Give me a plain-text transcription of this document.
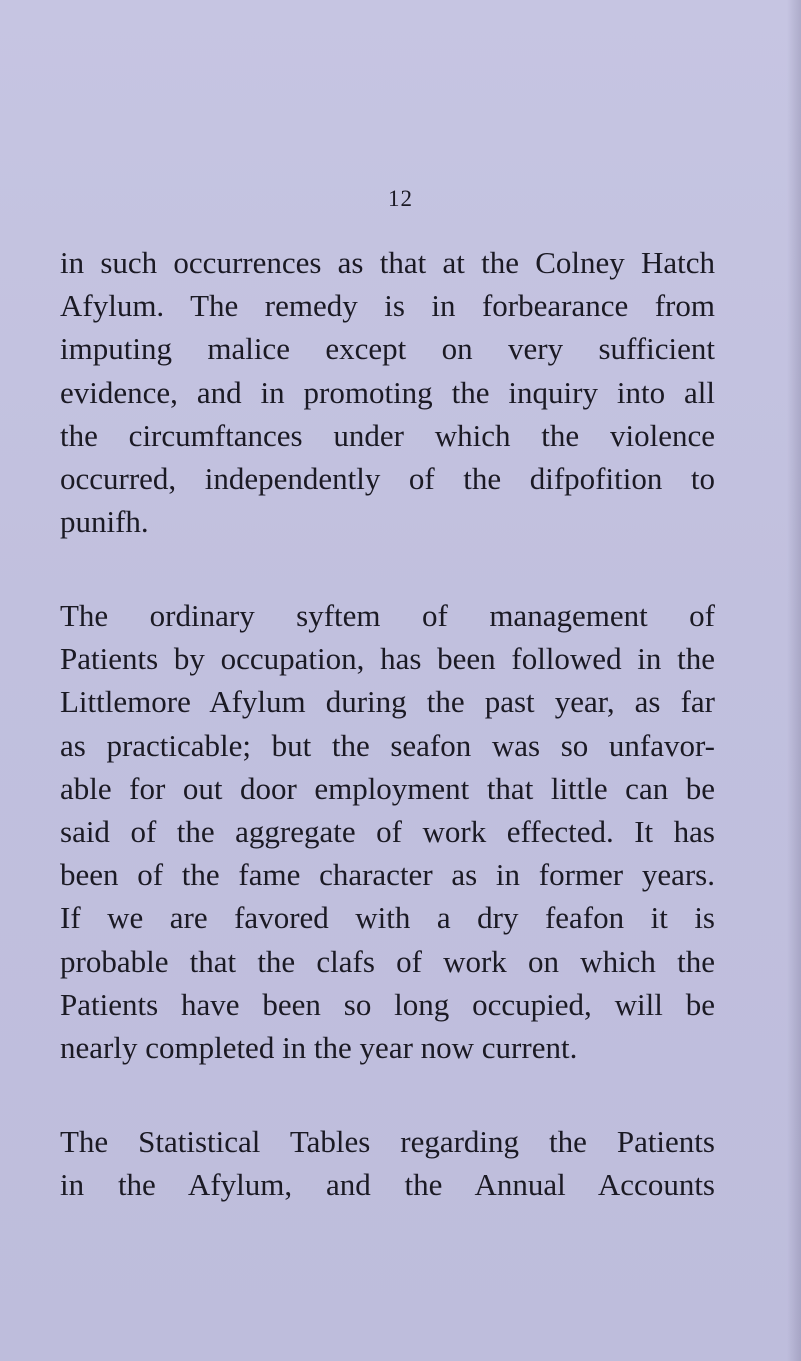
12
in such occurrences as that at the Colney Hatch
Afylum. The remedy is in forbearance from
imputing malice except on very sufficient
evidence, and in promoting the inquiry into all
the circumftances under which the violence
occurred, independently of the difpofition to
punifh.
The ordinary syftem of management of
Patients by occupation, has been followed in the
Littlemore Afylum during the past year, as far
as practicable; but the seafon was so unfavor-
able for out door employment that little can be
said of the aggregate of work effected. It has
been of the fame character as in former years.
If we are favored with a dry feafon it is
probable that the clafs of work on which the
Patients have been so long occupied, will be
nearly completed in the year now current.
The Statistical Tables regarding the Patients
in the Afylum, and the Annual Accounts
